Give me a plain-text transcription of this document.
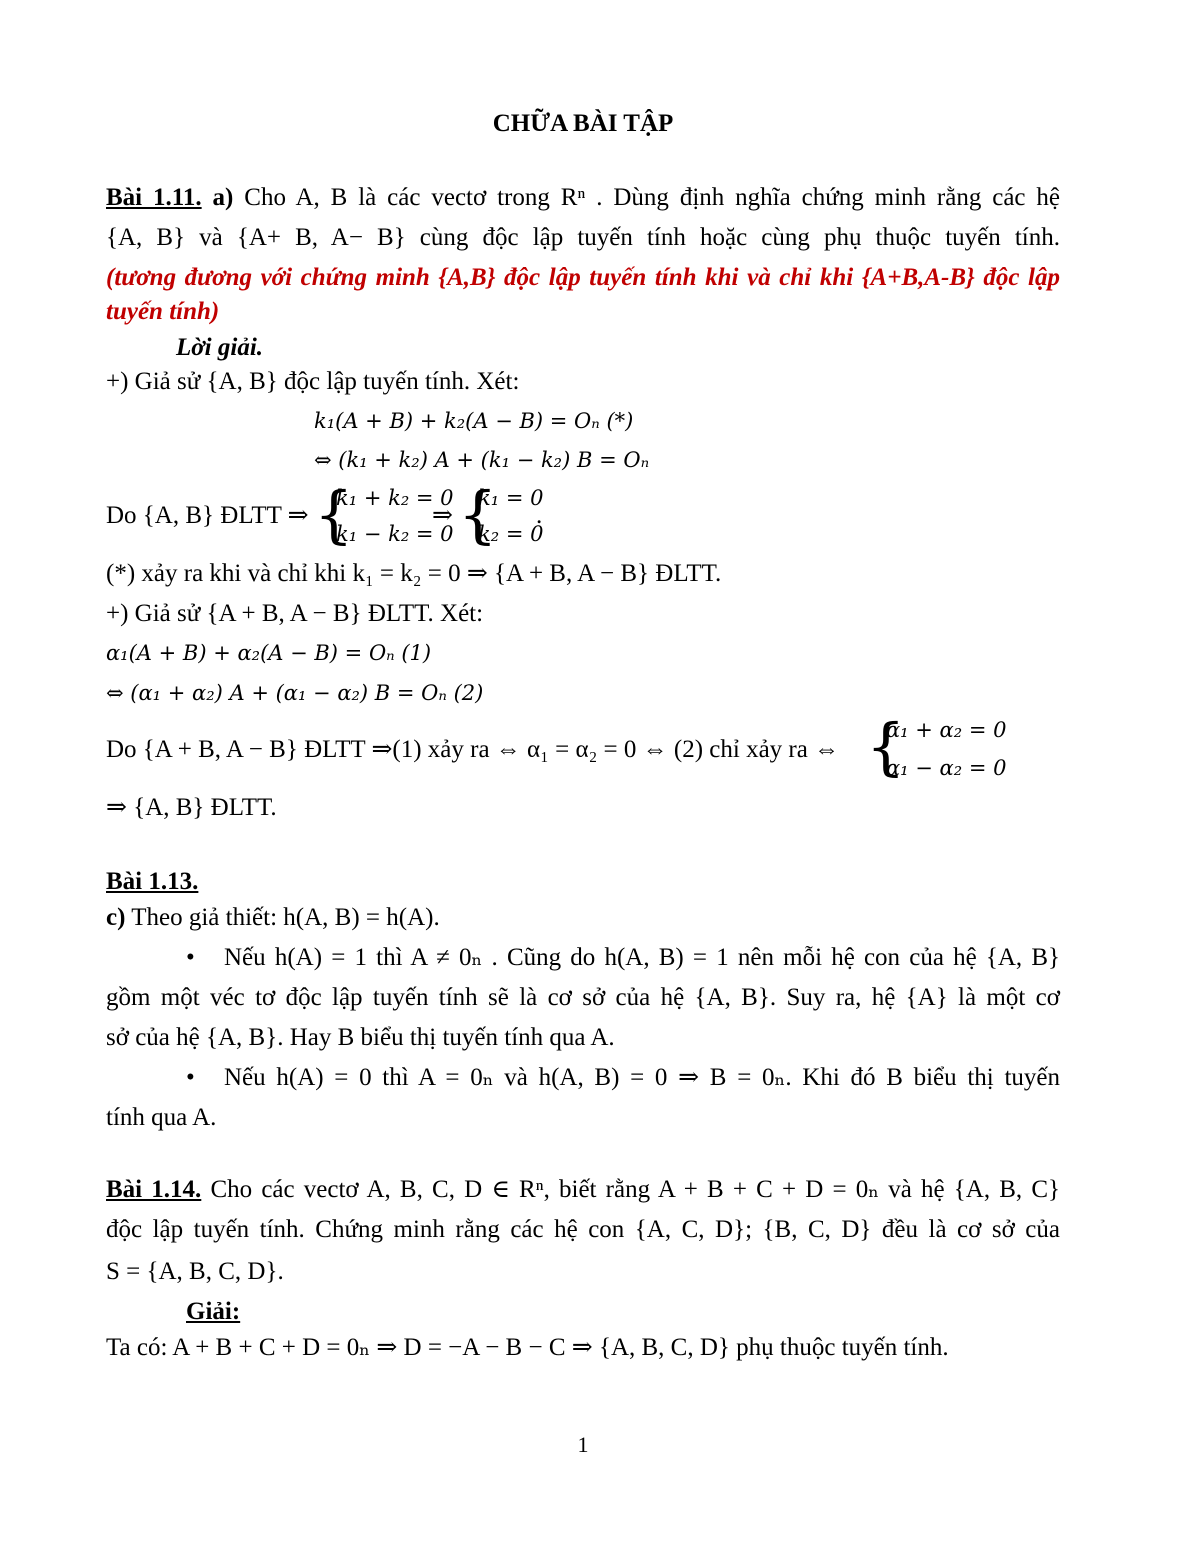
CHỮA BÀI TẬP
Bài 1.11. a) Cho A, B là các vectơ trong Rⁿ . Dùng định nghĩa chứng minh rằng các hệ
{A, B} và {A+ B, A− B} cùng độc lập tuyến tính hoặc cùng phụ thuộc tuyến tính.
(tương đương với chứng minh {A,B} độc lập tuyến tính khi và chỉ khi {A+B,A-B} độc lập
tuyến tính)
Lời giải.
+) Giả sử {A, B} độc lập tuyến tính. Xét:
k₁(A + B) + k₂(A − B) = Oₙ (*)
⇔ (k₁ + k₂) A + (k₁ − k₂) B = Oₙ
Do {A, B} ĐLTT ⇒ {
k₁ + k₂ = 0
k₁ − k₂ = 0
⇒ {
k₁ = 0
k₂ = 0
.
(*) xảy ra khi và chỉ khi k₁ = k₂ = 0 ⇒ {A + B, A − B} ĐLTT.
+) Giả sử {A + B, A − B} ĐLTT. Xét:
α₁(A + B) + α₂(A − B) = Oₙ (1)
⇔ (α₁ + α₂) A + (α₁ − α₂) B = Oₙ (2)
Do {A + B, A − B} ĐLTT ⇒(1) xảy ra ⇔ α₁ = α₂ = 0 ⇔ (2) chỉ xảy ra ⇔ {
α₁ + α₂ = 0
α₁ − α₂ = 0
⇒ {A, B} ĐLTT.
Bài 1.13.
c) Theo giả thiết: h(A, B) = h(A).
• Nếu h(A) = 1 thì A ≠ 0ₙ . Cũng do h(A, B) = 1 nên mỗi hệ con của hệ {A, B}
gồm một véc tơ độc lập tuyến tính sẽ là cơ sở của hệ {A, B}. Suy ra, hệ {A} là một cơ
sở của hệ {A, B}. Hay B biểu thị tuyến tính qua A.
• Nếu h(A) = 0 thì A = 0ₙ và h(A, B) = 0 ⇒ B = 0ₙ. Khi đó B biểu thị tuyến
tính qua A.
Bài 1.14. Cho các vectơ A, B, C, D ∈ Rⁿ, biết rằng A + B + C + D = 0ₙ và hệ {A, B, C}
độc lập tuyến tính. Chứng minh rằng các hệ con {A, C, D}; {B, C, D} đều là cơ sở của
S = {A, B, C, D}.
Giải:
Ta có: A + B + C + D = 0ₙ ⇒ D = −A − B − C ⇒ {A, B, C, D} phụ thuộc tuyến tính.
1
